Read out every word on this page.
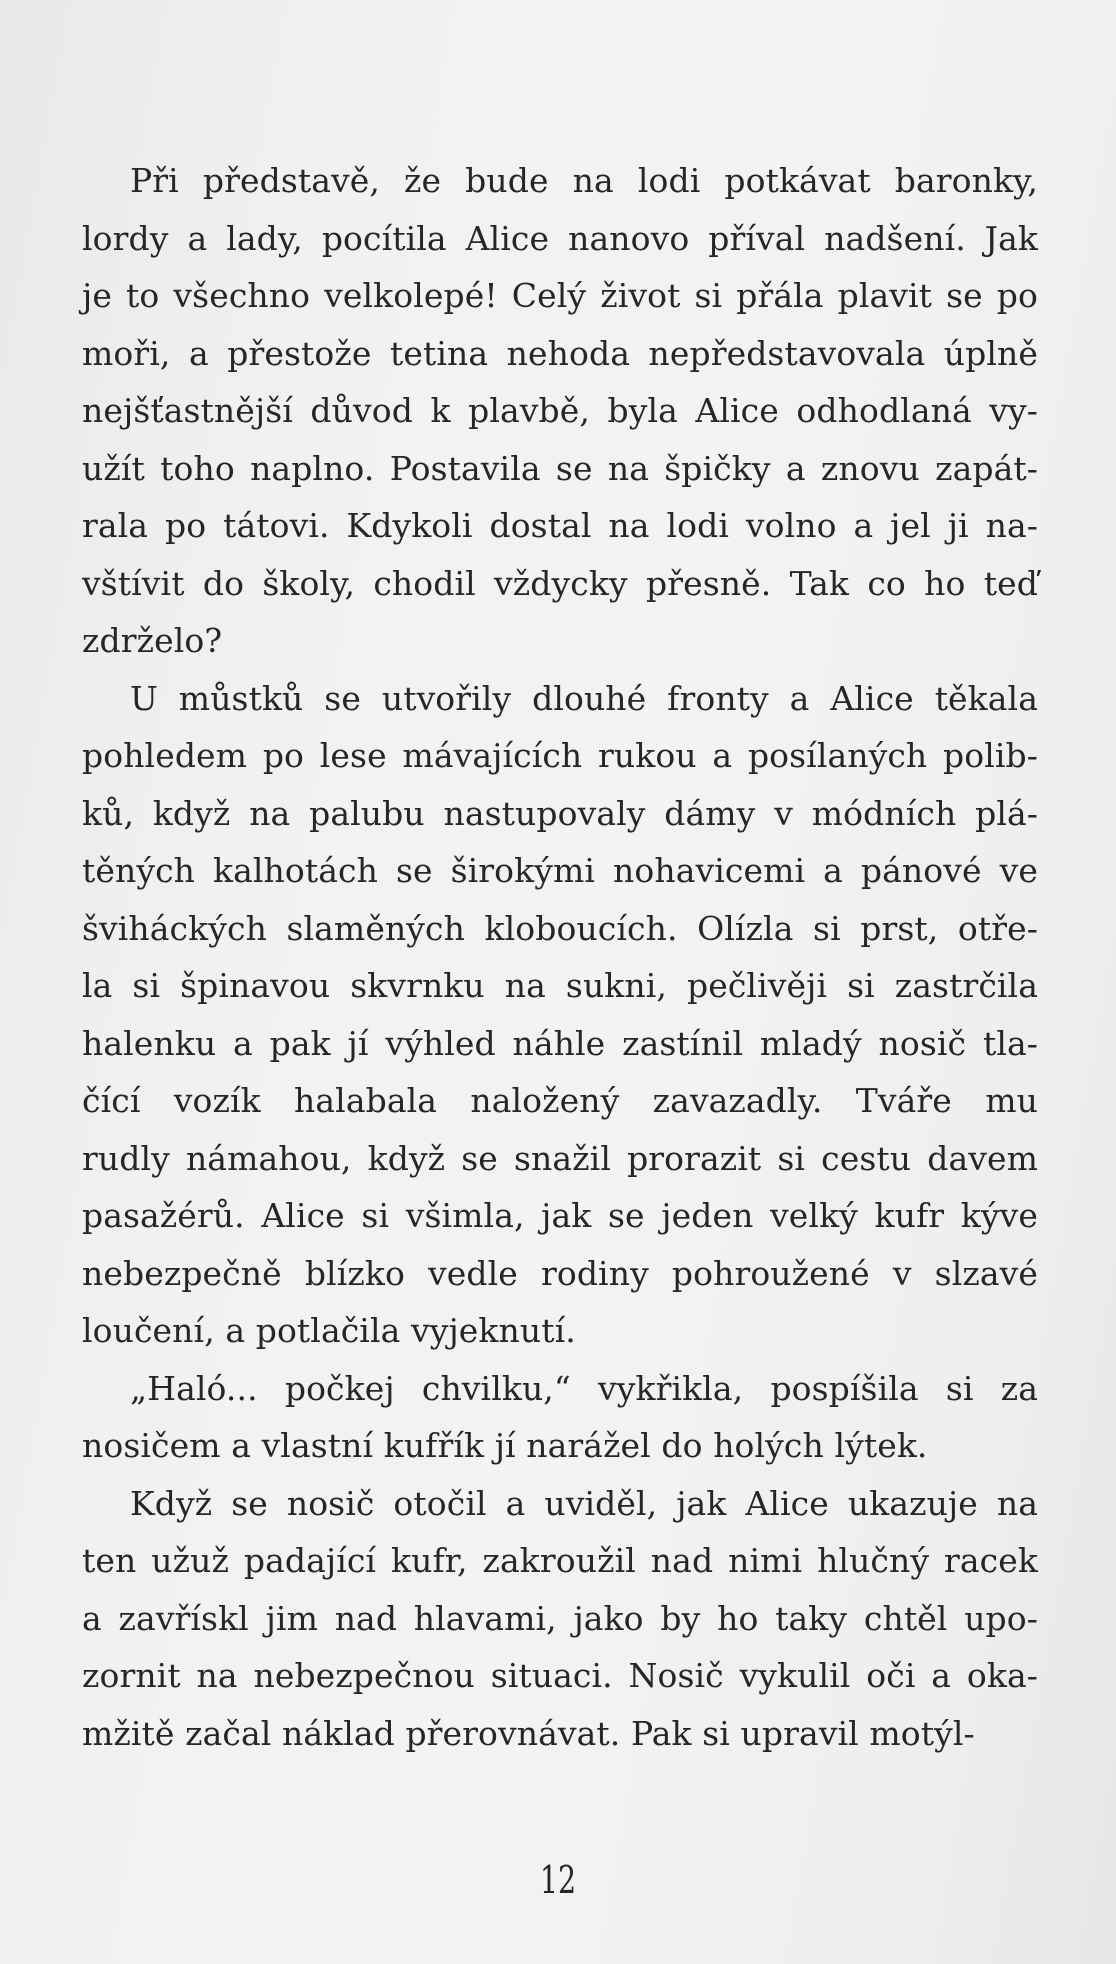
Při představě, že bude na lodi potkávat baronky,
lordy a lady, pocítila Alice nanovo příval nadšení. Jak
je to všechno velkolepé! Celý život si přála plavit se po
moři, a přestože tetina nehoda nepředstavovala úplně
nejšťastnější důvod k plavbě, byla Alice odhodlaná vy-
užít toho naplno. Postavila se na špičky a znovu zapát-
rala po tátovi. Kdykoli dostal na lodi volno a jel ji na-
vštívit do školy, chodil vždycky přesně. Tak co ho teď
zdrželo?
U můstků se utvořily dlouhé fronty a Alice těkala
pohledem po lese mávajících rukou a posílaných polib-
ků, když na palubu nastupovaly dámy v módních plá-
těných kalhotách se širokými nohavicemi a pánové ve
šviháckých slaměných kloboucích. Olízla si prst, otře-
la si špinavou skvrnku na sukni, pečlivěji si zastrčila
halenku a pak jí výhled náhle zastínil mladý nosič tla-
čící vozík halabala naložený zavazadly. Tváře mu
rudly námahou, když se snažil prorazit si cestu davem
pasažérů. Alice si všimla, jak se jeden velký kufr kýve
nebezpečně blízko vedle rodiny pohroužené v slzavé
loučení, a potlačila vyjeknutí.
„Haló... počkej chvilku,“ vykřikla, pospíšila si za
nosičem a vlastní kufřík jí narážel do holých lýtek.
Když se nosič otočil a uviděl, jak Alice ukazuje na
ten užuž padající kufr, zakroužil nad nimi hlučný racek
a zavřískl jim nad hlavami, jako by ho taky chtěl upo-
zornit na nebezpečnou situaci. Nosič vykulil oči a oka-
mžitě začal náklad přerovnávat. Pak si upravil motýl-
12
